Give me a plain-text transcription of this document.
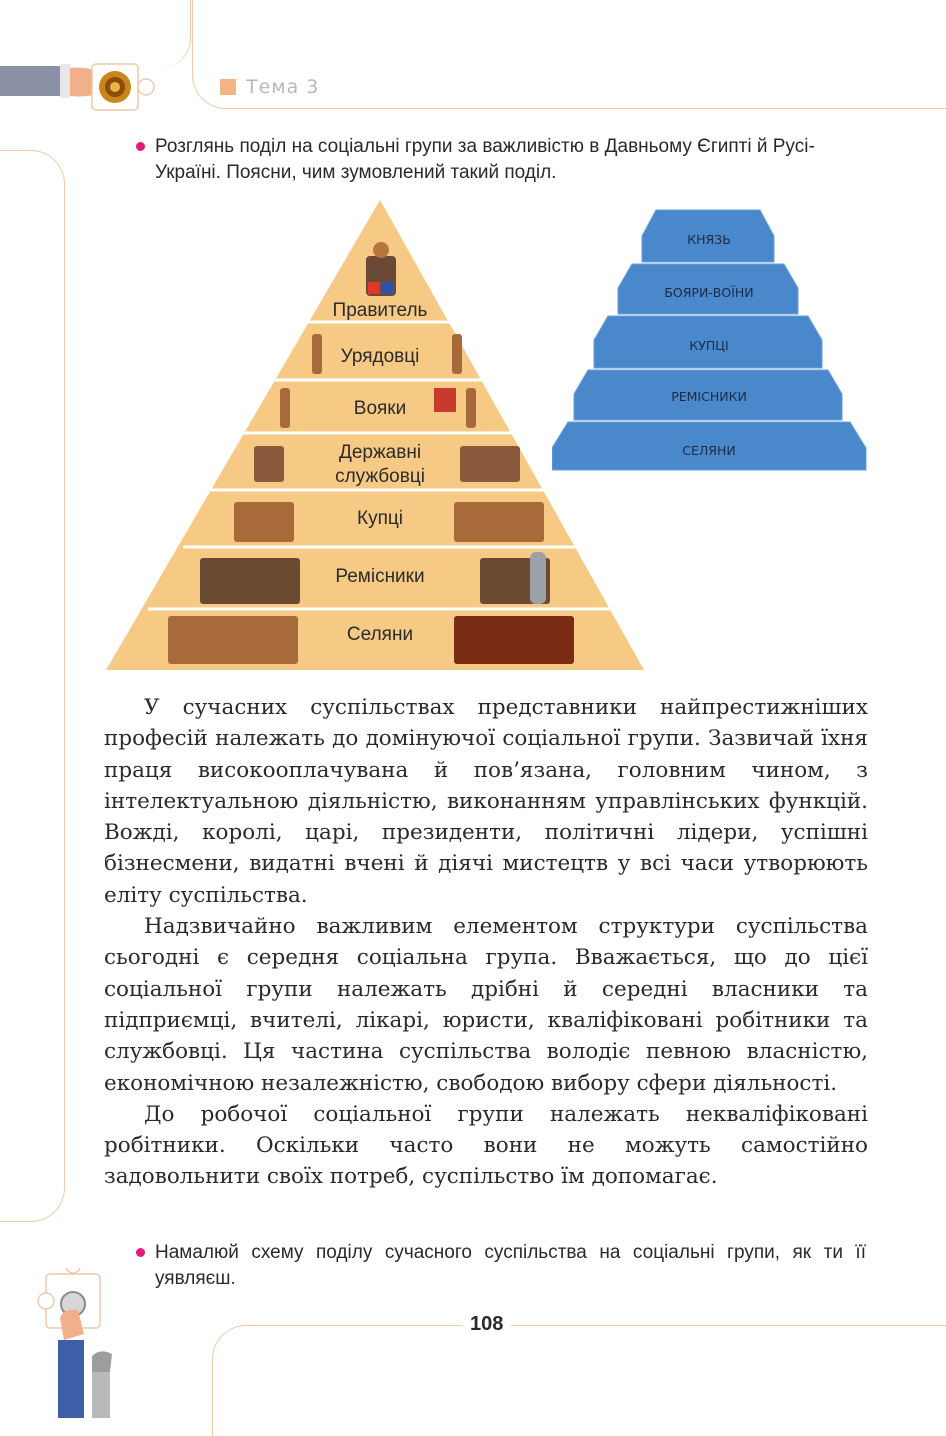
Тема 3
Розглянь поділ на соціальні групи за важливістю в Давньому Єгипті й Русі-Україні. Поясни, чим зумовлений такий поділ.
Правитель
Урядовці
Вояки
Державні
службовці
Купці
Ремісники
Селяни
КНЯЗЬ
БОЯРИ-ВОЇНИ
КУПЦІ
РЕМІСНИКИ
СЕЛЯНИ

У сучасних суспільствах представники найпрестижніших професій належать до домінуючої соціальної групи. Зазвичай їхня праця високооплачувана й пов’язана, головним чином, з інтелектуальною діяльністю, виконанням управлінських функцій. Вожді, королі, царі, президенти, політичні лідери, успішні бізнесмени, видатні вчені й діячі мистецтв у всі часи утворюють еліту суспільства.

Надзвичайно важливим елементом структури суспільства сьогодні є середня соціальна група. Вважається, що до цієї соціальної групи належать дрібні й середні власники та підприємці, вчителі, лікарі, юристи, кваліфіковані робітники та службовці. Ця частина суспільства володіє певною власністю, економічною незалежністю, свободою вибору сфери діяльності.

До робочої соціальної групи належать некваліфіковані робітники. Оскільки часто вони не можуть самостійно задовольнити своїх потреб, суспільство їм допомагає.

Намалюй схему поділу сучасного суспільства на соціальні групи, як ти її уявляєш.
108
